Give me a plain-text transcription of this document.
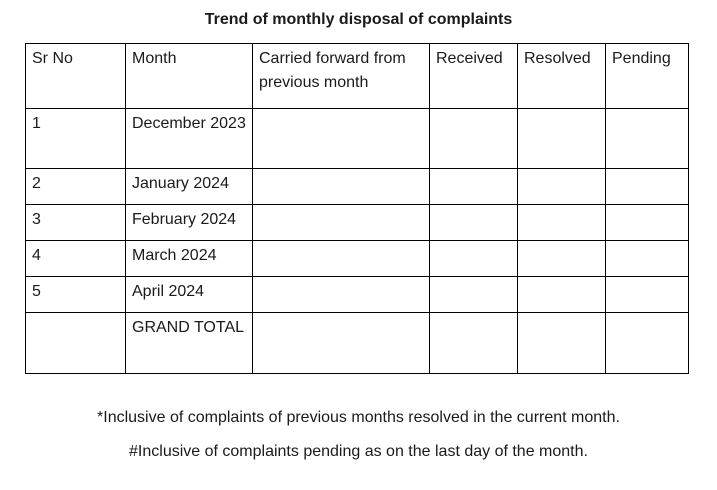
Trend of monthly disposal of complaints
Sr No	Month	Carried forward from previous month	Received	Resolved	Pending
1	December 2023				
2	January 2024				
3	February 2024				
4	March 2024				
5	April 2024				
	GRAND TOTAL				
*Inclusive of complaints of previous months resolved in the current month.
#Inclusive of complaints pending as on the last day of the month.
